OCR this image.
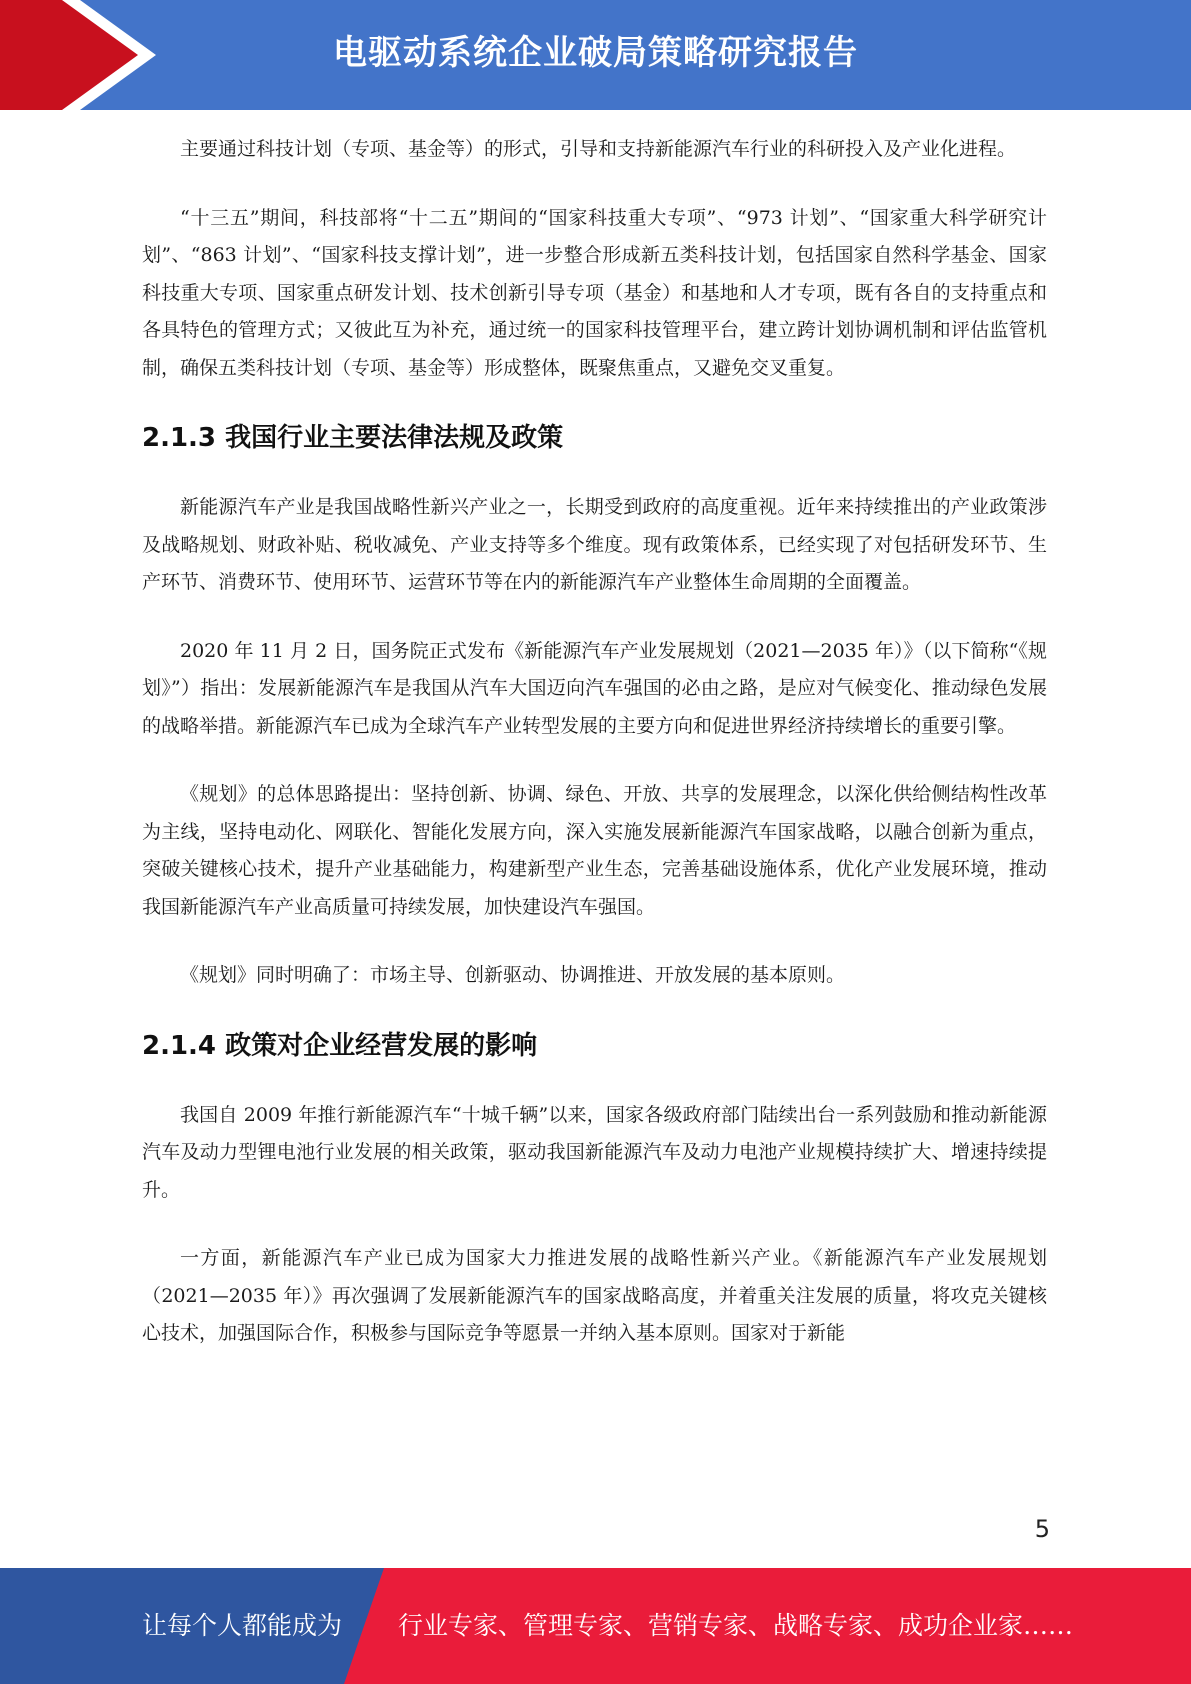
电驱动系统企业破局策略研究报告

主要通过科技计划（专项、基金等）的形式，引导和支持新能源汽车行业的科研投入及产业化进程。

“十三五”期间，科技部将“十二五”期间的“国家科技重大专项”、“973 计划”、“国家重大科学研究计划”、“863 计划”、“国家科技支撑计划”，进一步整合形成新五类科技计划，包括国家自然科学基金、国家科技重大专项、国家重点研发计划、技术创新引导专项（基金）和基地和人才专项，既有各自的支持重点和各具特色的管理方式；又彼此互为补充，通过统一的国家科技管理平台，建立跨计划协调机制和评估监管机制，确保五类科技计划（专项、基金等）形成整体，既聚焦重点，又避免交叉重复。

2.1.3 我国行业主要法律法规及政策

新能源汽车产业是我国战略性新兴产业之一，长期受到政府的高度重视。近年来持续推出的产业政策涉及战略规划、财政补贴、税收减免、产业支持等多个维度。现有政策体系，已经实现了对包括研发环节、生产环节、消费环节、使用环节、运营环节等在内的新能源汽车产业整体生命周期的全面覆盖。

2020 年 11 月 2 日，国务院正式发布《新能源汽车产业发展规划（2021—2035 年）》（以下简称“《规划》”）指出：发展新能源汽车是我国从汽车大国迈向汽车强国的必由之路，是应对气候变化、推动绿色发展的战略举措。新能源汽车已成为全球汽车产业转型发展的主要方向和促进世界经济持续增长的重要引擎。

《规划》的总体思路提出：坚持创新、协调、绿色、开放、共享的发展理念，以深化供给侧结构性改革为主线，坚持电动化、网联化、智能化发展方向，深入实施发展新能源汽车国家战略，以融合创新为重点，突破关键核心技术，提升产业基础能力，构建新型产业生态，完善基础设施体系，优化产业发展环境，推动我国新能源汽车产业高质量可持续发展，加快建设汽车强国。

《规划》同时明确了：市场主导、创新驱动、协调推进、开放发展的基本原则。

2.1.4 政策对企业经营发展的影响

我国自 2009 年推行新能源汽车“十城千辆”以来，国家各级政府部门陆续出台一系列鼓励和推动新能源汽车及动力型锂电池行业发展的相关政策，驱动我国新能源汽车及动力电池产业规模持续扩大、增速持续提升。

一方面，新能源汽车产业已成为国家大力推进发展的战略性新兴产业。《新能源汽车产业发展规划（2021—2035 年）》再次强调了发展新能源汽车的国家战略高度，并着重关注发展的质量，将攻克关键核心技术，加强国际合作，积极参与国际竞争等愿景一并纳入基本原则。国家对于新能

5
让每个人都能成为 行业专家、管理专家、营销专家、战略专家、成功企业家……
